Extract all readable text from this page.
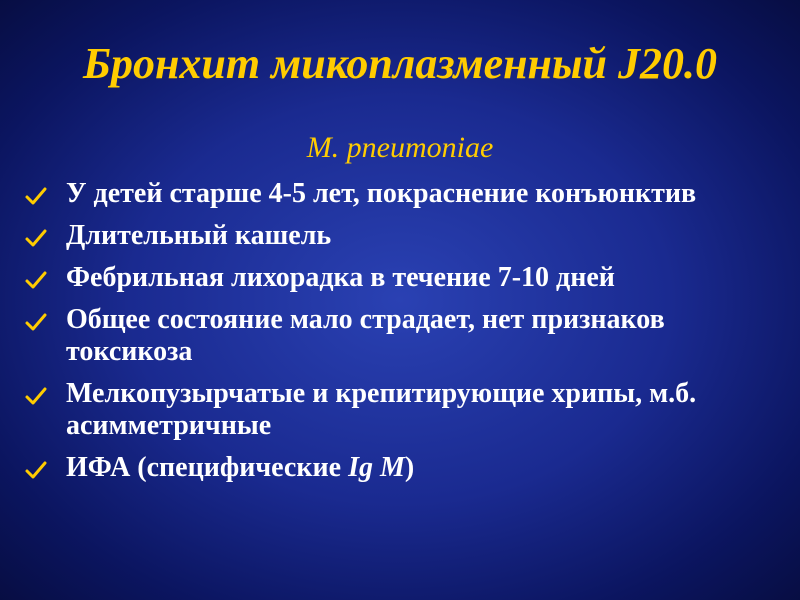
Бронхит микоплазменный J20.0
M. pneumoniae
У детей старше 4-5 лет, покраснение конъюнктив
Длительный кашель
Фебрильная лихорадка в течение 7-10 дней
Общее состояние мало страдает, нет признаков токсикоза
Мелкопузырчатые и крепитирующие хрипы, м.б. асимметричные
ИФА (специфические Ig M)
